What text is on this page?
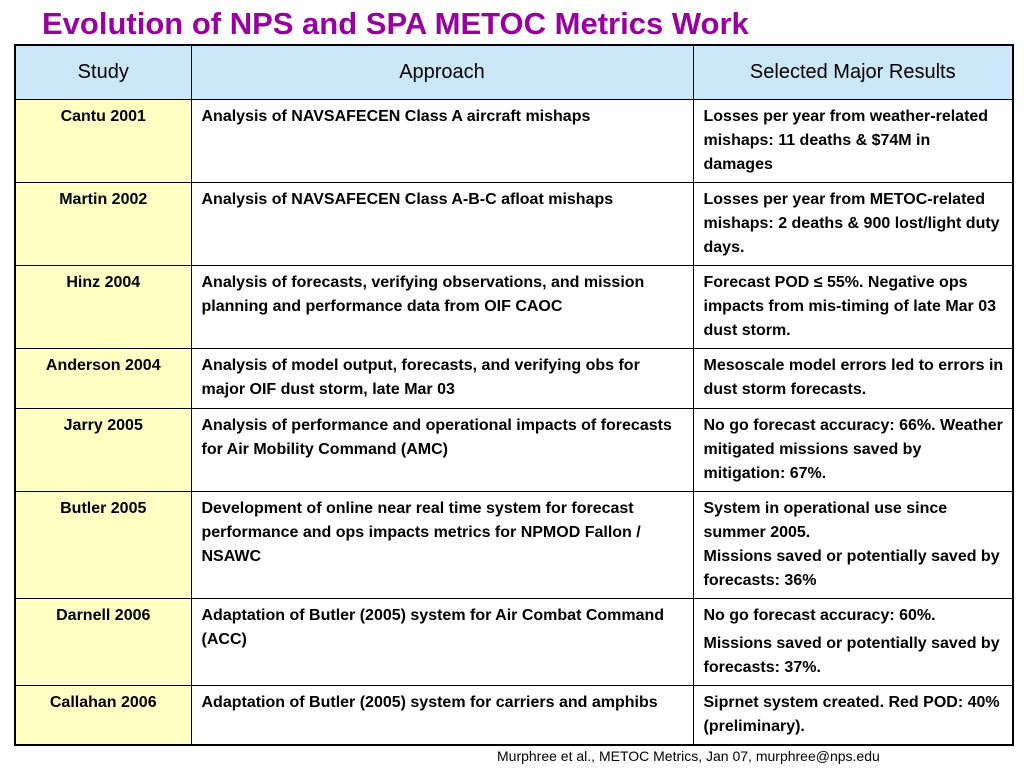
Evolution of NPS and SPA METOC Metrics Work
Study	Approach	Selected Major Results
Cantu 2001	Analysis of NAVSAFECEN Class A aircraft mishaps	Losses per year from weather-related mishaps: 11 deaths & $74M in damages

Martin 2002	Analysis of NAVSAFECEN Class A-B-C afloat mishaps	Losses per year from METOC-related mishaps: 2 deaths & 900 lost/light duty days.

Hinz 2004	Analysis of forecasts, verifying observations, and mission planning and performance data from OIF CAOC	Forecast POD ≤ 55%. Negative ops impacts from mis-timing of late Mar 03 dust storm.

Anderson 2004	Analysis of model output, forecasts, and verifying obs for major OIF dust storm, late Mar 03	Mesoscale model errors led to errors in dust storm forecasts.

Jarry 2005	Analysis of performance and operational impacts of forecasts for Air Mobility Command (AMC)	No go forecast accuracy: 66%. Weather mitigated missions saved by mitigation: 67%.

Butler 2005	Development of online near real time system for forecast performance and ops impacts metrics for NPMOD Fallon / NSAWC	System in operational use since summer 2005.
Missions saved or potentially saved by forecasts: 36%

Darnell 2006	Adaptation of Butler (2005) system for Air Combat Command (ACC)	No go forecast accuracy: 60%.
Missions saved or potentially saved by forecasts: 37%.

Callahan 2006	Adaptation of Butler (2005) system for carriers and amphibs	Siprnet system created. Red POD: 40% (preliminary).
Murphree et al., METOC Metrics, Jan 07, murphree@nps.edu
